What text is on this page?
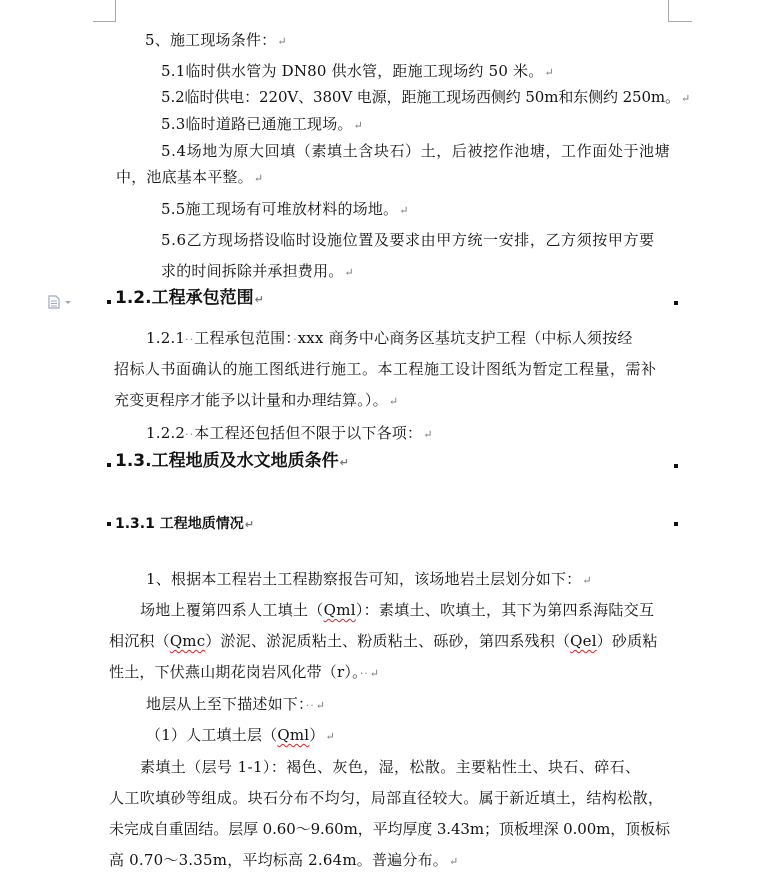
5、施工现场条件：↵
5.1临时供水管为 DN80 供水管，距施工现场约 50 米。↵
5.2临时供电：220V、380V 电源，距施工现场西侧约 50m和东侧约 250m。↵
5.3临时道路已通施工现场。↵
5.4场地为原大回填（素填土含块石）土，后被挖作池塘，工作面处于池塘
中，池底基本平整。↵
5.5施工现场有可堆放材料的场地。↵
5.6乙方现场搭设临时设施位置及要求由甲方统一安排，乙方须按甲方要
求的时间拆除并承担费用。↵
1.2.工程承包范围↵
1.2.1··工程承包范围：·xxx 商务中心商务区基坑支护工程（中标人须按经
招标人书面确认的施工图纸进行施工。本工程施工设计图纸为暂定工程量，需补
充变更程序才能予以计量和办理结算。）。↵
1.2.2··本工程还包括但不限于以下各项：↵
1.3.工程地质及水文地质条件↵
1.3.1 工程地质情况↵
1、根据本工程岩土工程勘察报告可知，该场地岩土层划分如下：↵
场地上覆第四系人工填土（Qml）：素填土、吹填土，其下为第四系海陆交互
相沉积（Qmc）淤泥、淤泥质粘土、粉质粘土、砾砂，第四系残积（Qel）砂质粘
性土，下伏燕山期花岗岩风化带（r）。··↵
地层从上至下描述如下：··↵
（1）人工填土层（Qml）↵
素填土（层号 1-1）：褐色、灰色，湿，松散。主要粘性土、块石、碎石、
人工吹填砂等组成。块石分布不均匀，局部直径较大。属于新近填土，结构松散，
未完成自重固结。层厚 0.60～9.60m，平均厚度 3.43m；顶板埋深 0.00m，顶板标
高 0.70～3.35m，平均标高 2.64m。普遍分布。↵
